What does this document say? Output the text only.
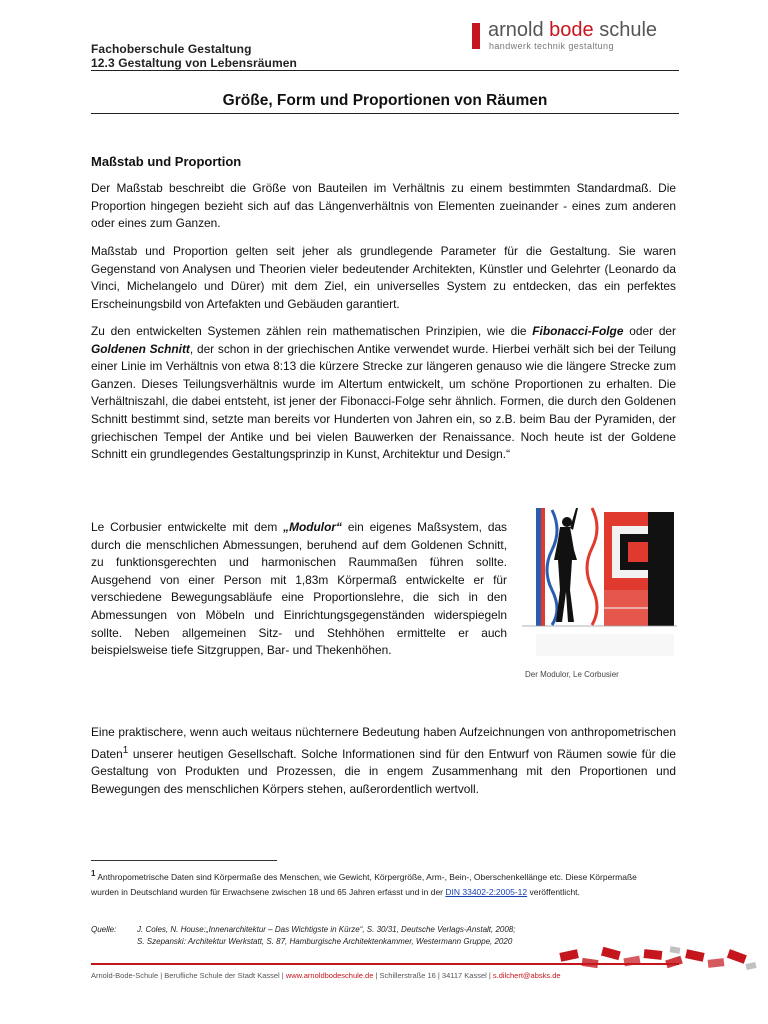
Fachoberschule Gestaltung
12.3 Gestaltung von Lebensräumen
arnold bode schule
handwerk technik gestaltung
Größe, Form und Proportionen von Räumen
Maßstab und Proportion

Der Maßstab beschreibt die Größe von Bauteilen im Verhältnis zu einem bestimmten Standardmaß. Die Proportion hingegen bezieht sich auf das Längenverhältnis von Elementen zueinander - eines zum anderen oder eines zum Ganzen.

Maßstab und Proportion gelten seit jeher als grundlegende Parameter für die Gestaltung. Sie waren Gegenstand von Analysen und Theorien vieler bedeutender Architekten, Künstler und Gelehrter (Leonardo da Vinci, Michelangelo und Dürer) mit dem Ziel, ein universelles System zu entdecken, das ein perfektes Erscheinungsbild von Artefakten und Gebäuden garantiert.

Zu den entwickelten Systemen zählen rein mathematischen Prinzipien, wie die Fibonacci-Folge oder der Goldenen Schnitt, der schon in der griechischen Antike verwendet wurde. Hierbei verhält sich bei der Teilung einer Linie im Verhältnis von etwa 8:13 die kürzere Strecke zur längeren genauso wie die längere Strecke zum Ganzen. Dieses Teilungsverhältnis wurde im Altertum entwickelt, um schöne Proportionen zu erhalten. Die Verhältniszahl, die dabei entsteht, ist jener der Fibonacci-Folge sehr ähnlich. Formen, die durch den Goldenen Schnitt bestimmt sind, setzte man bereits vor Hunderten von Jahren ein, so z.B. beim Bau der Pyramiden, der griechischen Tempel der Antike und bei vielen Bauwerken der Renaissance. Noch heute ist der Goldene Schnitt ein grundlegendes Gestaltungsprinzip in Kunst, Architektur und Design.“

Le Corbusier entwickelte mit dem „Modulor“ ein eigenes Maßsystem, das durch die menschlichen Abmessungen, beruhend auf dem Goldenen Schnitt, zu funktionsgerechten und harmonischen Raummaßen führen sollte. Ausgehend von einer Person mit 1,83m Körpermaß entwickelte er für verschiedene Bewegungsabläufe eine Proportionslehre, die sich in den Abmessungen von Möbeln und Einrichtungsgegenständen widerspiegeln sollte. Neben allgemeinen Sitz- und Stehhöhen ermittelte er auch beispielsweise tiefe Sitzgruppen, Bar- und Thekenhöhen.

Der Modulor, Le Corbusier

Eine praktischere, wenn auch weitaus nüchternere Bedeutung haben Aufzeichnungen von anthropometrischen Daten$^1$ unserer heutigen Gesellschaft. Solche Informationen sind für den Entwurf von Räumen sowie für die Gestaltung von Produkten und Prozessen, die in engem Zusammenhang mit den Proportionen und Bewegungen des menschlichen Körpers stehen, außerordentlich wertvoll.

$^1$ Anthropometrische Daten sind Körpermaße des Menschen, wie Gewicht, Körpergröße, Arm-, Bein-, Oberschenkellänge etc. Diese Körpermaße wurden in Deutschland wurden für Erwachsene zwischen 18 und 65 Jahren erfasst und in der DIN 33402-2:2005-12 veröffentlicht.
Quelle:	J. Coles, N. House:„Innenarchitektur – Das Wichtigste in Kürze“, S. 30/31, Deutsche Verlags-Anstalt, 2008;
S. Szepanski: Architektur Werkstatt, S. 87, Hamburgische Architektenkammer, Westermann Gruppe, 2020
Arnold-Bode-Schule | Berufliche Schule der Stadt Kassel | www.arnoldbodeschule.de | Schillerstraße 16 | 34117 Kassel | s.dilchert@absks.de
